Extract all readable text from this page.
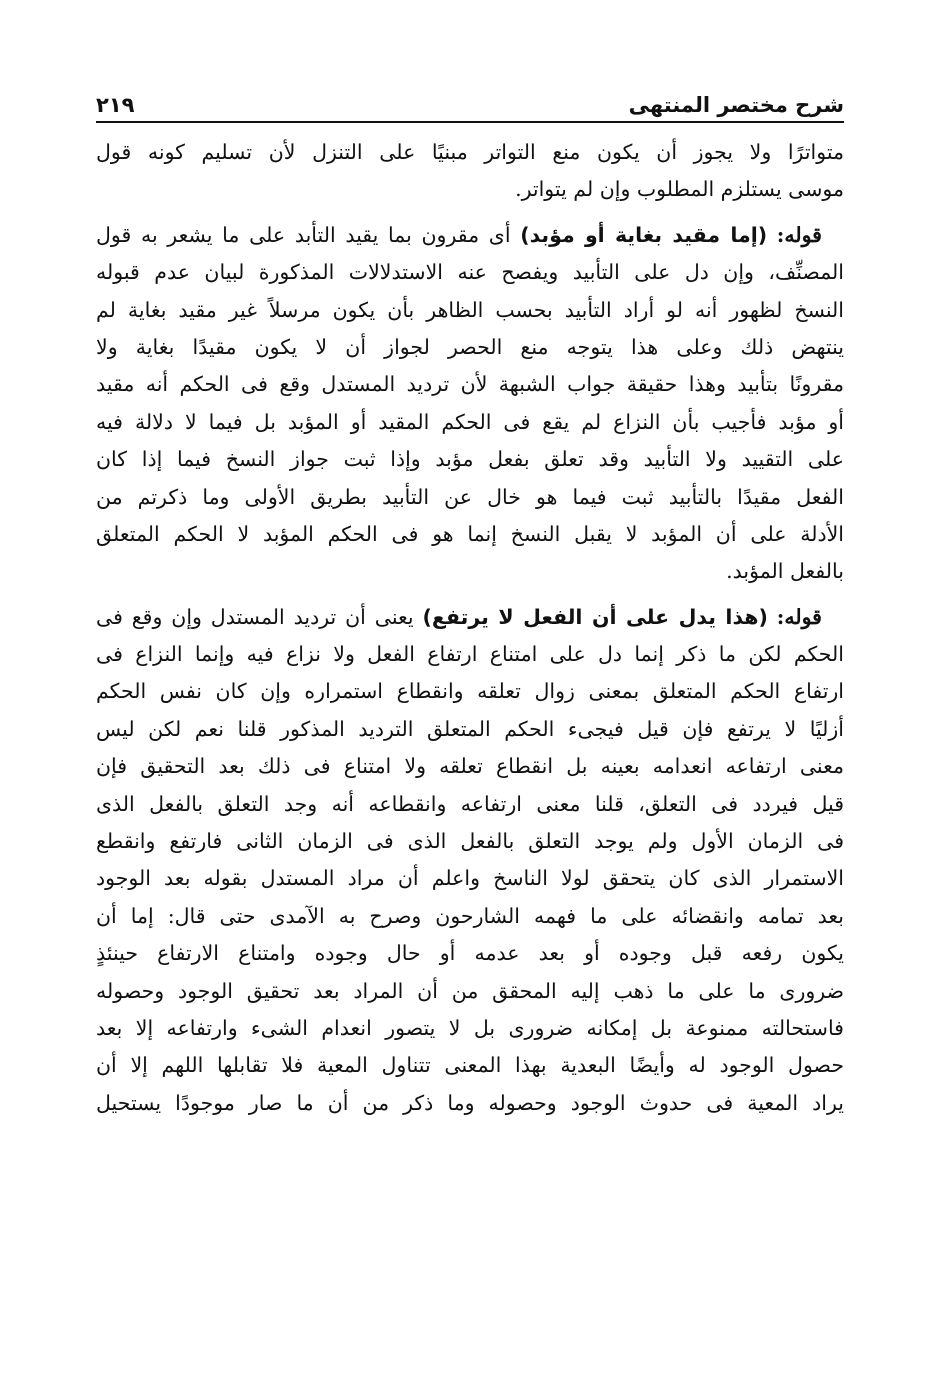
شرح مختصر المنتهى
٢١٩
متواترًا ولا يجوز أن يكون منع التواتر مبنيًا على التنزل لأن تسليم كونه قول
موسى يستلزم المطلوب وإن لم يتواتر.
قوله: (إما مقيد بغاية أو مؤبد) أى مقرون بما يقيد التأبد على ما يشعر به قول
المصنِّف، وإن دل على التأبيد ويفصح عنه الاستدلالات المذكورة لبيان عدم قبوله
النسخ لظهور أنه لو أراد التأبيد بحسب الظاهر بأن يكون مرسلاً غير مقيد بغاية لم
ينتهض ذلك وعلى هذا يتوجه منع الحصر لجواز أن لا يكون مقيدًا بغاية ولا
مقرونًا بتأبيد وهذا حقيقة جواب الشبهة لأن ترديد المستدل وقع فى الحكم أنه مقيد
أو مؤبد فأجيب بأن النزاع لم يقع فى الحكم المقيد أو المؤبد بل فيما لا دلالة فيه
على التقييد ولا التأبيد وقد تعلق بفعل مؤبد وإذا ثبت جواز النسخ فيما إذا كان
الفعل مقيدًا بالتأبيد ثبت فيما هو خال عن التأبيد بطريق الأولى وما ذكرتم من
الأدلة على أن المؤبد لا يقبل النسخ إنما هو فى الحكم المؤبد لا الحكم المتعلق
بالفعل المؤبد.
قوله: (هذا يدل على أن الفعل لا يرتفع) يعنى أن ترديد المستدل وإن وقع فى
الحكم لكن ما ذكر إنما دل على امتناع ارتفاع الفعل ولا نزاع فيه وإنما النزاع فى
ارتفاع الحكم المتعلق بمعنى زوال تعلقه وانقطاع استمراره وإن كان نفس الحكم
أزليًا لا يرتفع فإن قيل فيجىء الحكم المتعلق الترديد المذكور قلنا نعم لكن ليس
معنى ارتفاعه انعدامه بعينه بل انقطاع تعلقه ولا امتناع فى ذلك بعد التحقيق فإن
قيل فيردد فى التعلق، قلنا معنى ارتفاعه وانقطاعه أنه وجد التعلق بالفعل الذى
فى الزمان الأول ولم يوجد التعلق بالفعل الذى فى الزمان الثانى فارتفع وانقطع
الاستمرار الذى كان يتحقق لولا الناسخ واعلم أن مراد المستدل بقوله بعد الوجود
بعد تمامه وانقضائه على ما فهمه الشارحون وصرح به الآمدى حتى قال: إما أن
يكون رفعه قبل وجوده أو بعد عدمه أو حال وجوده وامتناع الارتفاع حينئذٍ
ضرورى ما على ما ذهب إليه المحقق من أن المراد بعد تحقيق الوجود وحصوله
فاستحالته ممنوعة بل إمكانه ضرورى بل لا يتصور انعدام الشىء وارتفاعه إلا بعد
حصول الوجود له وأيضًا البعدية بهذا المعنى تتناول المعية فلا تقابلها اللهم إلا أن
يراد المعية فى حدوث الوجود وحصوله وما ذكر من أن ما صار موجودًا يستحيل
